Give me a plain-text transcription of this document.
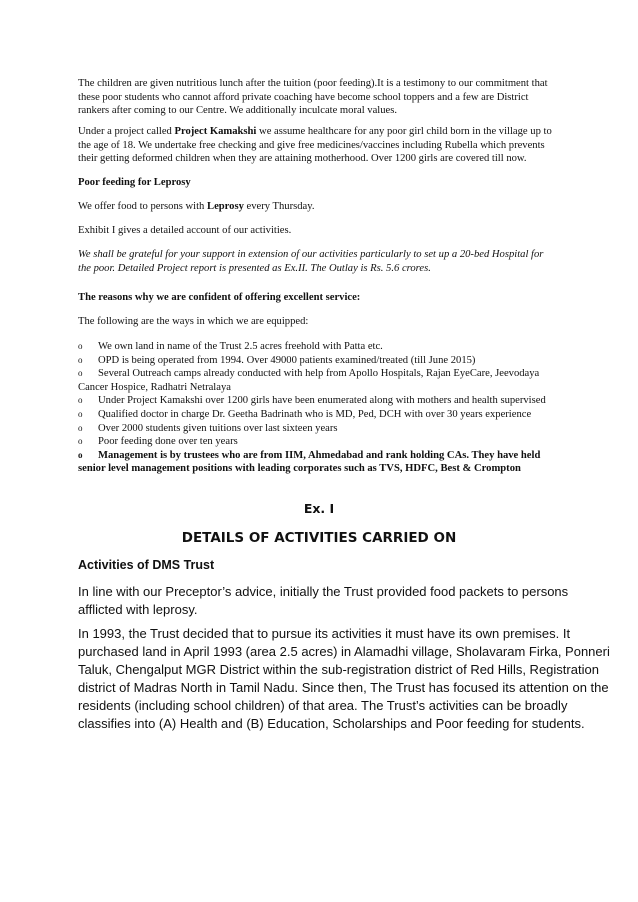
The children are given nutritious lunch after the tuition (poor feeding).It is a testimony to our commitment that
these poor students who cannot afford private coaching have become school toppers and a few are District
rankers after coming to our Centre. We additionally inculcate moral values.
Under a project called Project Kamakshi we assume healthcare for any poor girl child born in the village up to
the age of 18. We undertake free checking and give free medicines/vaccines including Rubella which prevents
their getting deformed children when they are attaining motherhood. Over 1200 girls are covered till now.
Poor feeding for Leprosy
We offer food to persons with Leprosy every Thursday.
Exhibit I gives a detailed account of our activities.
We shall be grateful for your support in extension of our activities particularly to set up a 20-bed Hospital for
the poor. Detailed Project report is presented as Ex.II. The Outlay is Rs. 5.6 crores.
The reasons why we are confident of offering excellent service:
The following are the ways in which we are equipped:
o We own land in name of the Trust 2.5 acres freehold with Patta etc.
o OPD is being operated from 1994. Over 49000 patients examined/treated (till June 2015)
o Several Outreach camps already conducted with help from Apollo Hospitals, Rajan EyeCare, Jeevodaya
Cancer Hospice, Radhatri Netralaya
o Under Project Kamakshi over 1200 girls have been enumerated along with mothers and health supervised
o Qualified doctor in charge Dr. Geetha Badrinath who is MD, Ped, DCH with over 30 years experience
o Over 2000 students given tuitions over last sixteen years
o Poor feeding done over ten years
o Management is by trustees who are from IIM, Ahmedabad and rank holding CAs. They have held
senior level management positions with leading corporates such as TVS, HDFC, Best & Crompton
Ex. I
DETAILS OF ACTIVITIES CARRIED ON
Activities of DMS Trust
In line with our Preceptor’s advice, initially the Trust provided food packets to persons
afflicted with leprosy.
In 1993, the Trust decided that to pursue its activities it must have its own premises. It
purchased land in April 1993 (area 2.5 acres) in Alamadhi village, Sholavaram Firka, Ponneri
Taluk, Chengalput MGR District within the sub-registration district of Red Hills, Registration
district of Madras North in Tamil Nadu. Since then, The Trust has focused its attention on the
residents (including school children) of that area. The Trust’s activities can be broadly
classifies into (A) Health and (B) Education, Scholarships and Poor feeding for students.
